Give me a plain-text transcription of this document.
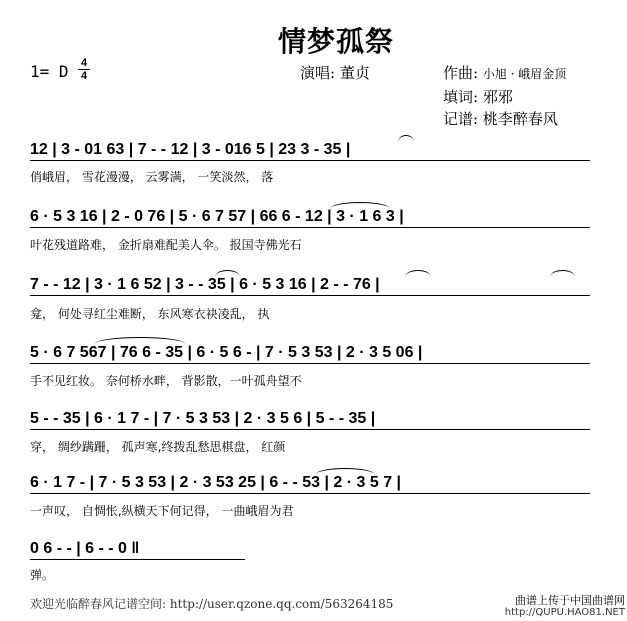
情梦孤祭
1= D 4
4	演唱: 董贞	作曲: 小旭 · 峨眉金顶
填词: 邪邪
记谱: 桃李醉春风
12 | 3 - 01 63 | 7 - - 12 | 3 - 016 5 | 23 3 - 35 |
俏峨眉， 雪花漫漫， 云雾满， 一笑淡然， 落
6 · 5 3 16 | 2 - 0 76 | 5 · 6 7 57 | 66 6 - 12 | 3 · 1 6 3 |
叶花残道路难， 金折扇难配美人伞。 报国寺佛光石
7 - - 12 | 3 · 1 6 52 | 3 - - 35 | 6 · 5 3 16 | 2 - - 76 |
龛， 何处寻红尘难断， 东风寒衣袂凌乱， 执
5 · 6 7 567 | 76 6 - 35 | 6 · 5 6 - | 7 · 5 3 53 | 2 · 3 5 06 |
手不见红妆。 奈何桥水畔， 背影散，一叶孤舟望不
5 - - 35 | 6 · 1 7 - | 7 · 5 3 53 | 2 · 3 5 6 | 5 - - 35 |
穿， 绸纱蹒跚， 孤声寒,终拨乱愁思棋盘， 红颜
6 · 1 7 - | 7 · 5 3 53 | 2 · 3 53 25 | 6 - - 53 | 2 · 3 5 7 |
一声叹， 自惆怅,纵横天下何记得， 一曲峨眉为君
0 6 - - | 6 - - 0 ‖
弹。
欢迎光临醉春风记谱空间: http://user.qzone.qq.com/563264185	曲谱上传于中国曲谱网
http://QUPU.HAO81.NET
